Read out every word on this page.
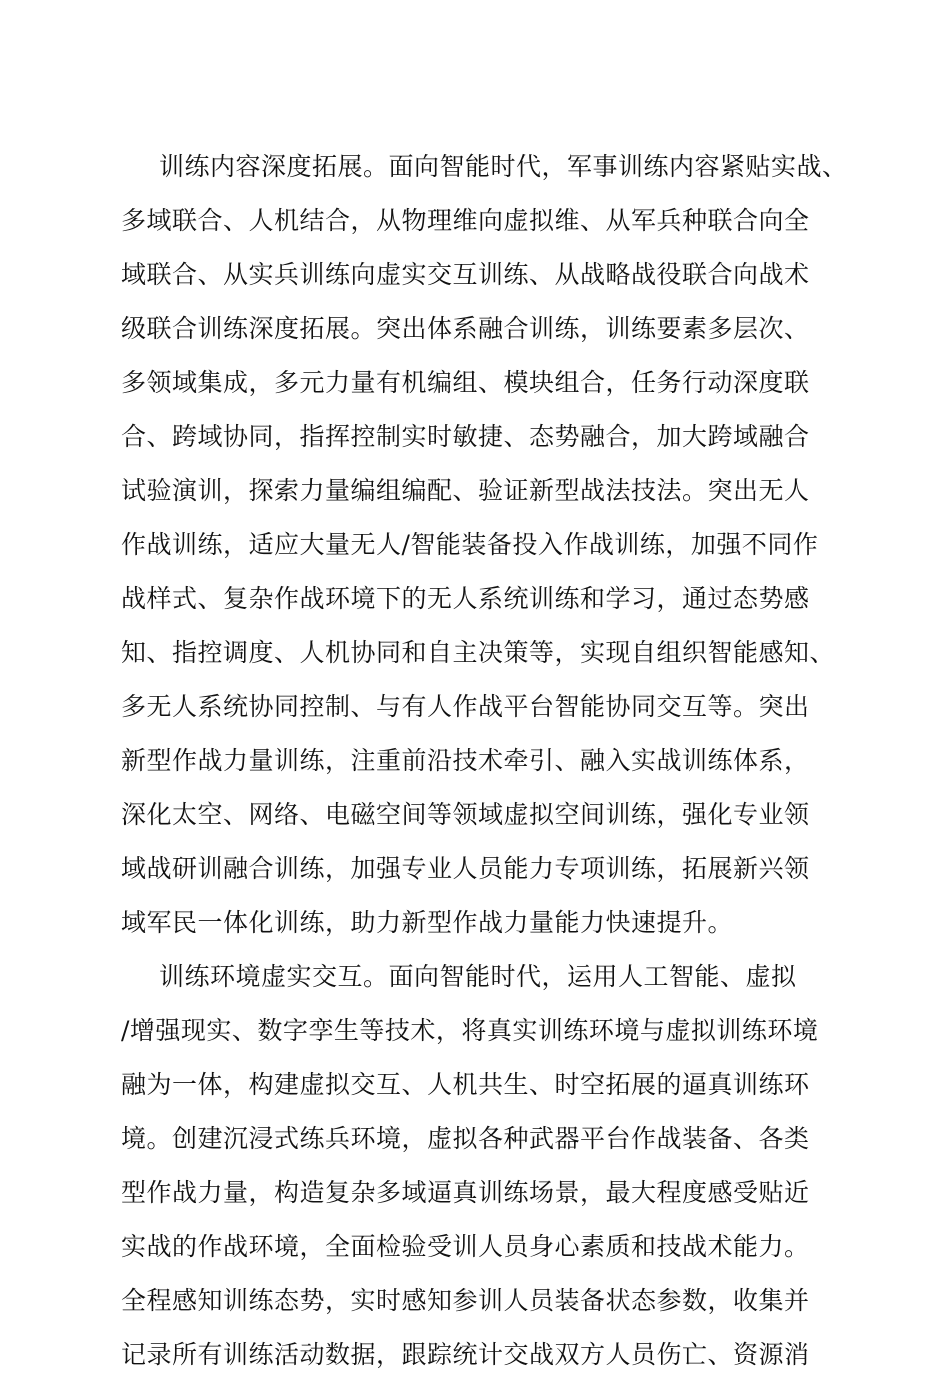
训练内容深度拓展。面向智能时代，军事训练内容紧贴实战、
多域联合、人机结合，从物理维向虚拟维、从军兵种联合向全
域联合、从实兵训练向虚实交互训练、从战略战役联合向战术
级联合训练深度拓展。突出体系融合训练，训练要素多层次、
多领域集成，多元力量有机编组、模块组合，任务行动深度联
合、跨域协同，指挥控制实时敏捷、态势融合，加大跨域融合
试验演训，探索力量编组编配、验证新型战法技法。突出无人
作战训练，适应大量无人/智能装备投入作战训练，加强不同作
战样式、复杂作战环境下的无人系统训练和学习，通过态势感
知、指控调度、人机协同和自主决策等，实现自组织智能感知、
多无人系统协同控制、与有人作战平台智能协同交互等。突出
新型作战力量训练，注重前沿技术牵引、融入实战训练体系，
深化太空、网络、电磁空间等领域虚拟空间训练，强化专业领
域战研训融合训练，加强专业人员能力专项训练，拓展新兴领
域军民一体化训练，助力新型作战力量能力快速提升。
训练环境虚实交互。面向智能时代，运用人工智能、虚拟
/增强现实、数字孪生等技术，将真实训练环境与虚拟训练环境
融为一体，构建虚拟交互、人机共生、时空拓展的逼真训练环
境。创建沉浸式练兵环境，虚拟各种武器平台作战装备、各类
型作战力量，构造复杂多域逼真训练场景，最大程度感受贴近
实战的作战环境，全面检验受训人员身心素质和技战术能力。
全程感知训练态势，实时感知参训人员装备状态参数，收集并
记录所有训练活动数据，跟踪统计交战双方人员伤亡、资源消
